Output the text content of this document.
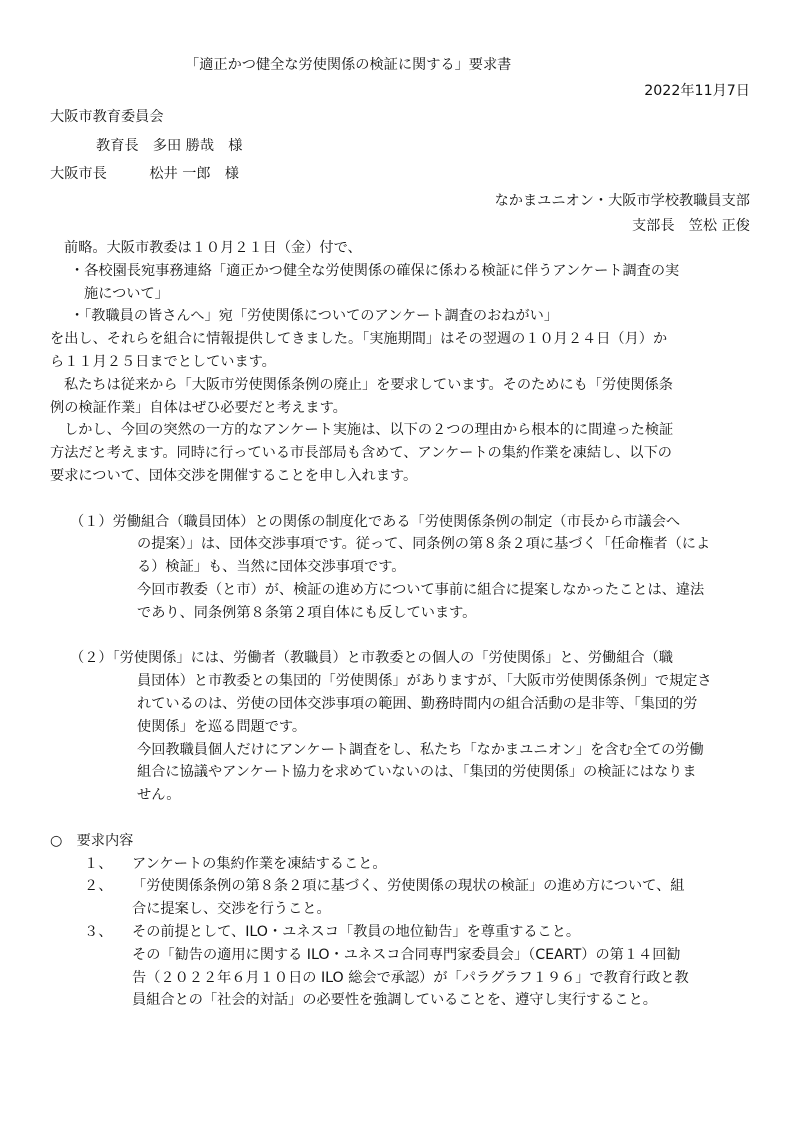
「適正かつ健全な労使関係の検証に関する」要求書
2022年11月7日
大阪市教育委員会
教育長　多田 勝哉　様
大阪市長　　　松井 一郎　様
なかまユニオン・大阪市学校教職員支部
支部長　笠松 正俊
前略。大阪市教委は１０月２１日（金）付で、
・各校園長宛事務連絡「適正かつ健全な労使関係の確保に係わる検証に伴うアンケート調査の実
施について」
・「教職員の皆さんへ」宛「労使関係についてのアンケート調査のおねがい」
を出し、それらを組合に情報提供してきました。「実施期間」はその翌週の１０月２４日（月）か
ら１１月２５日までとしています。
私たちは従来から「大阪市労使関係条例の廃止」を要求しています。そのためにも「労使関係条
例の検証作業」自体はぜひ必要だと考えます。
しかし、今回の突然の一方的なアンケート実施は、以下の２つの理由から根本的に間違った検証
方法だと考えます。同時に行っている市長部局も含めて、アンケートの集約作業を凍結し、以下の
要求について、団体交渉を開催することを申し入れます。
（１）労働組合（職員団体）との関係の制度化である「労使関係条例の制定（市長から市議会へ
の提案）」は、団体交渉事項です。従って、同条例の第８条２項に基づく「任命権者（によ
る）検証」も、当然に団体交渉事項です。
今回市教委（と市）が、検証の進め方について事前に組合に提案しなかったことは、違法
であり、同条例第８条第２項自体にも反しています。
（２）「労使関係」には、労働者（教職員）と市教委との個人の「労使関係」と、労働組合（職
員団体）と市教委との集団的「労使関係」がありますが、「大阪市労使関係条例」で規定さ
れているのは、労使の団体交渉事項の範囲、勤務時間内の組合活動の是非等、「集団的労
使関係」を巡る問題です。
今回教職員個人だけにアンケート調査をし、私たち「なかまユニオン」を含む全ての労働
組合に協議やアンケート協力を求めていないのは、「集団的労使関係」の検証にはなりま
せん。
○　要求内容
１、	アンケートの集約作業を凍結すること。
２、	「労使関係条例の第８条２項に基づく、労使関係の現状の検証」の進め方について、組
合に提案し、交渉を行うこと。
３、	その前提として、ILO・ユネスコ「教員の地位勧告」を尊重すること。
その「勧告の適用に関する ILO・ユネスコ合同専門家委員会」（CEART）の第１４回勧
告（２０２２年６月１０日の ILO 総会で承認）が「パラグラフ１９６」で教育行政と教
員組合との「社会的対話」の必要性を強調していることを、遵守し実行すること。
